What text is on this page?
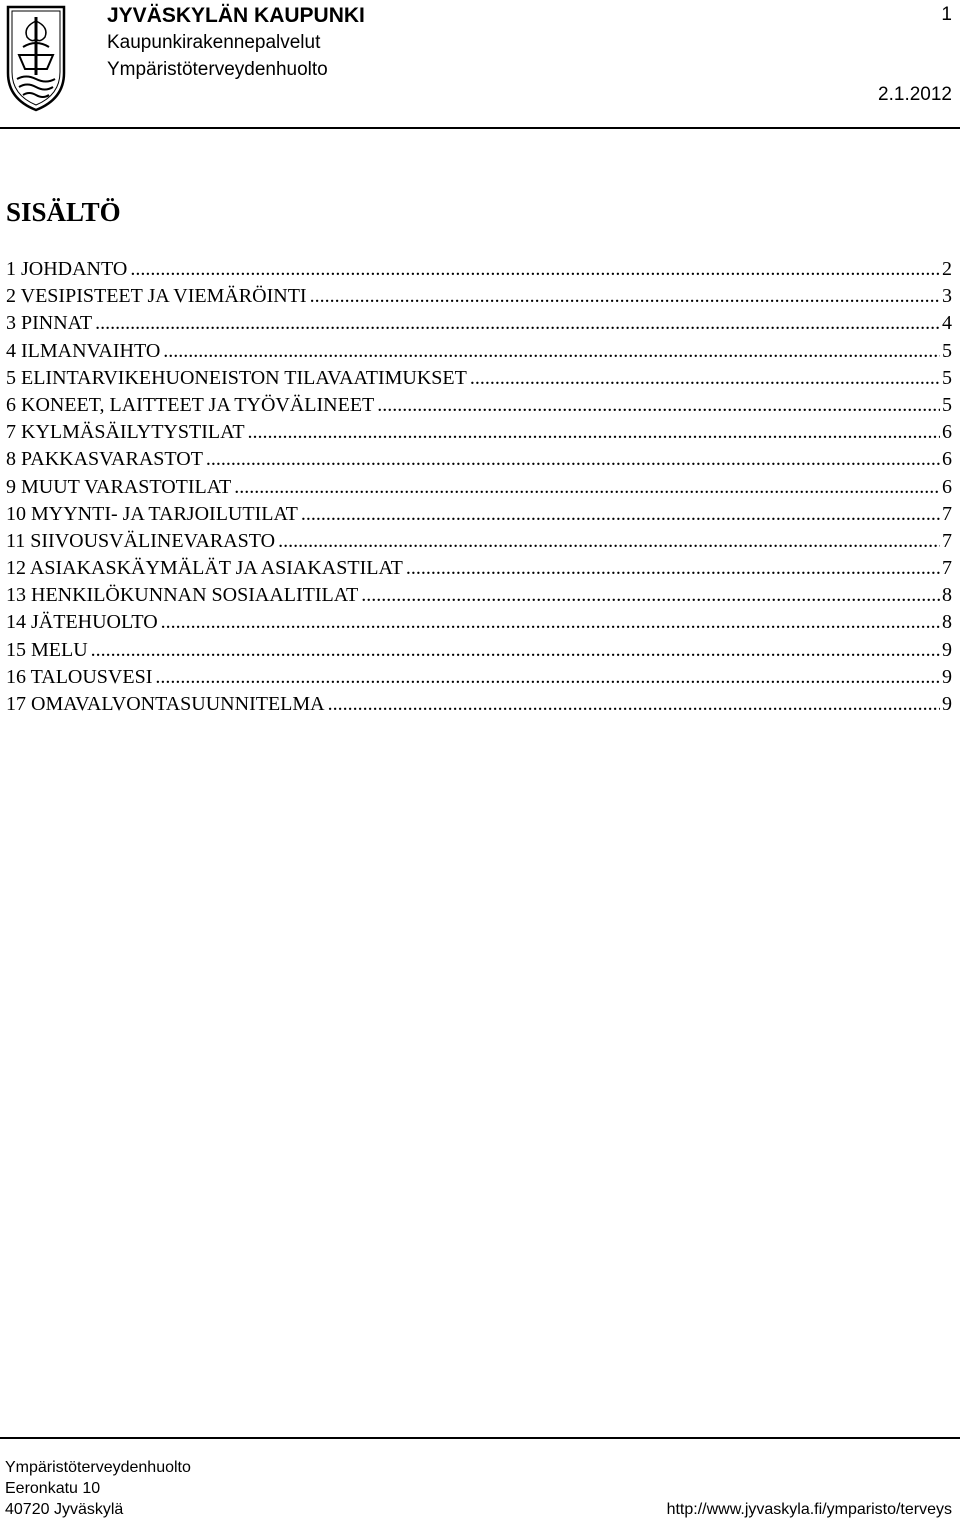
JYVÄSKYLÄN KAUPUNKI
Kaupunkirakennepalvelut
Ympäristöterveydenhuolto
1
2.1.2012
SISÄLTÖ
1 JOHDANTO .....	2
2 VESIPISTEET JA VIEMÄRÖINTI .....	3
3 PINNAT .....	4
4 ILMANVAIHTO .....	5
5 ELINTARVIKEHUONEISTON TILAVAATIMUKSET .....	5
6 KONEET, LAITTEET JA TYÖVÄLINEET .....	5
7 KYLMÄSÄILYTYSTILAT .....	6
8 PAKKASVARASTOT .....	6
9 MUUT VARASTOTILAT .....	6
10 MYYNTI- JA TARJOILUTILAT .....	7
11 SIIVOUSVÄLINEVARASTO .....	7
12 ASIAKASKÄYMÄLÄT JA ASIAKASTILAT .....	7
13 HENKILÖKUNNAN SOSIAALITILAT .....	8
14 JÄTEHUOLTO .....	8
15 MELU .....	9
16 TALOUSVESI .....	9
17 OMAVALVONTASUUNNITELMA .....	9
Ympäristöterveydenhuolto
Eeronkatu 10
40720 Jyväskylä	http://www.jyvaskyla.fi/ymparisto/terveys
